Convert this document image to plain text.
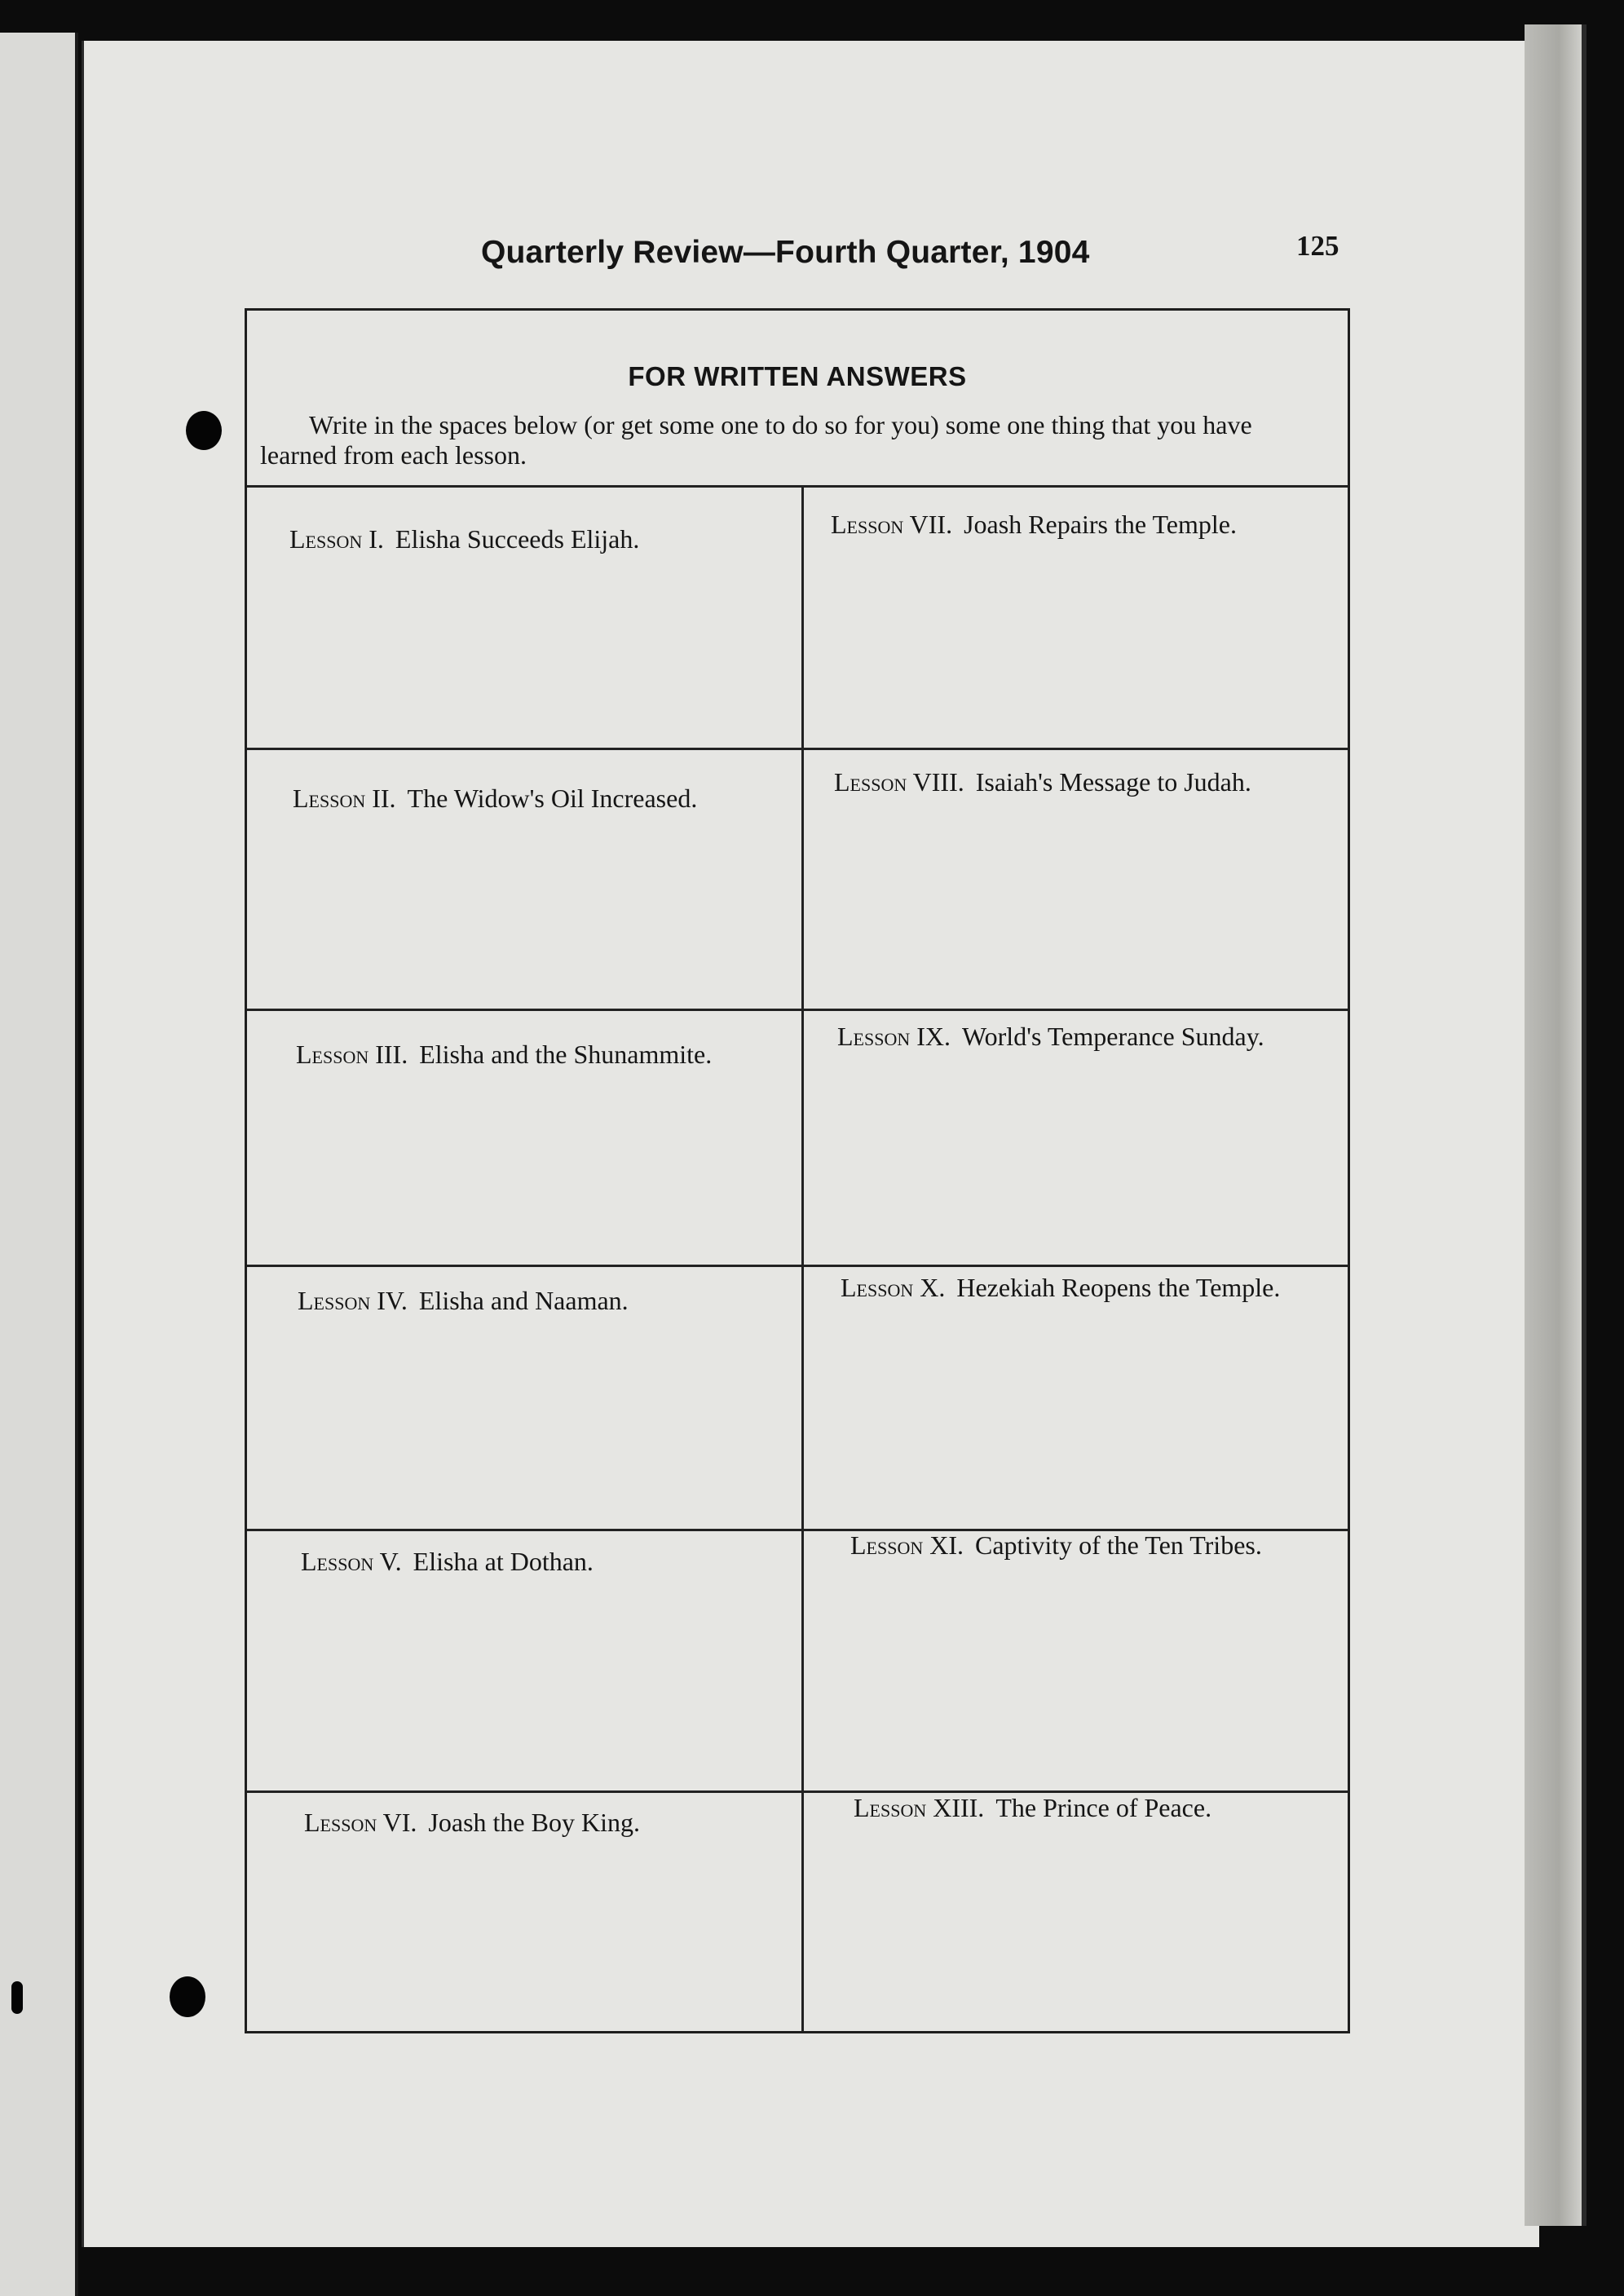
Quarterly Review—Fourth Quarter, 1904	125
FOR WRITTEN ANSWERS
Write in the spaces below (or get some one to do so for you) some one thing that you have learned from each lesson.
Lesson I. Elisha Succeeds Elijah.
Lesson II. The Widow's Oil Increased.
Lesson III. Elisha and the Shunammite.
Lesson IV. Elisha and Naaman.
Lesson V. Elisha at Dothan.
Lesson VI. Joash the Boy King.
Lesson VII. Joash Repairs the Temple.
Lesson VIII. Isaiah's Message to Judah.
Lesson IX. World's Temperance Sunday.
Lesson X. Hezekiah Reopens the Temple.
Lesson XI. Captivity of the Ten Tribes.
Lesson XIII. The Prince of Peace.
